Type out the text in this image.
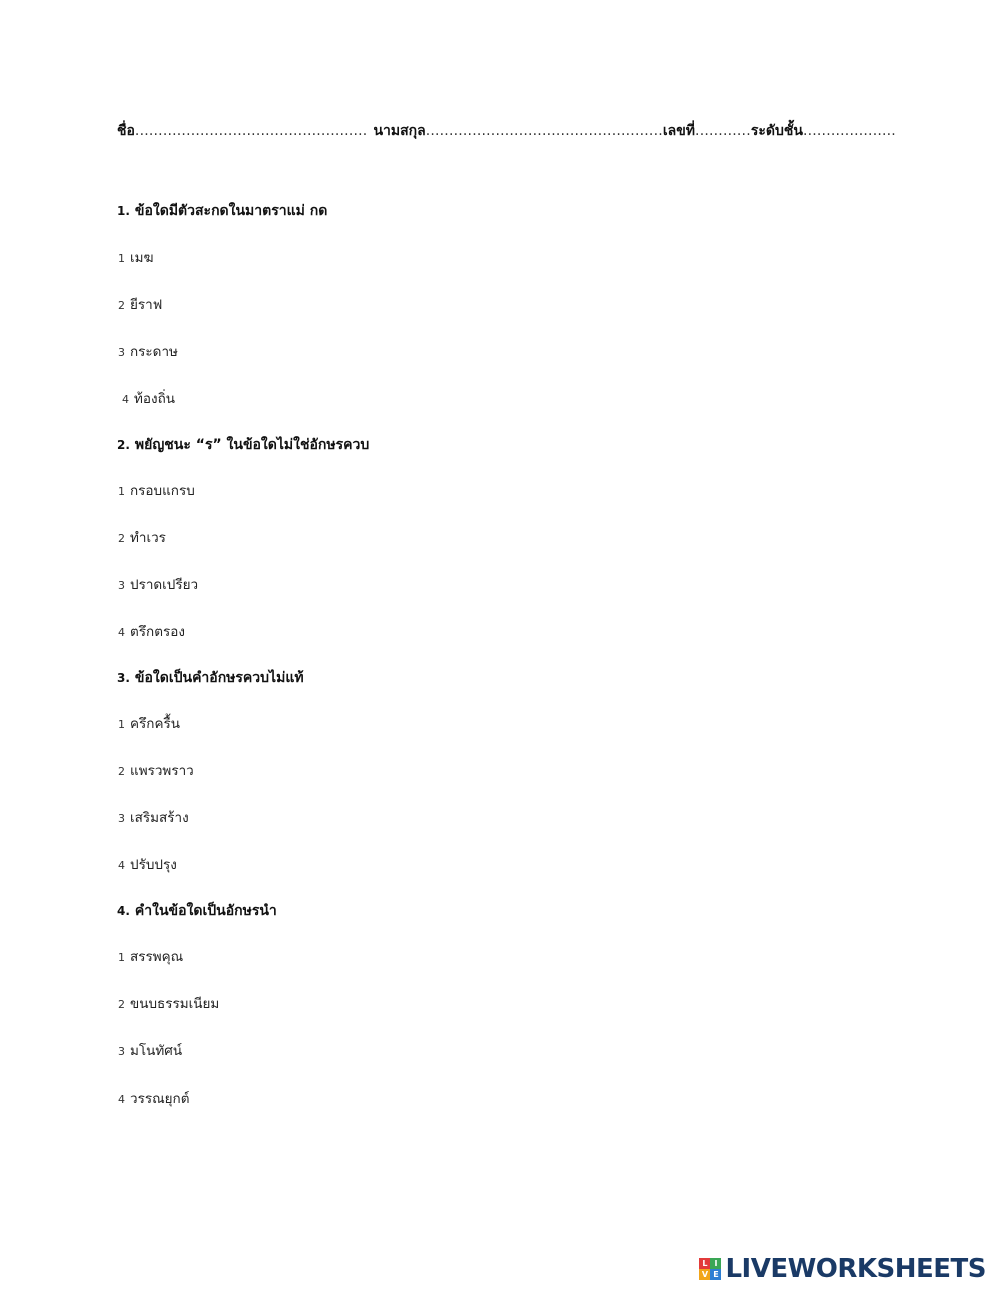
ชื่อ .................................................. นามสกุล ................................................... เลขที่ ............ ระดับชั้น ....................
1. ข้อใดมีตัวสะกดในมาตราแม่ กด
1 เมฆ
2 ยีราฟ
3 กระดาษ
4 ท้องถิ่น
2. พยัญชนะ “ร” ในข้อใดไม่ใช่อักษรควบ
1 กรอบแกรบ
2 ทำเวร
3 ปราดเปรียว
4 ตรึกตรอง
3. ข้อใดเป็นคำอักษรควบไม่แท้
1 ครึกครื้น
2 แพรวพราว
3 เสริมสร้าง
4 ปรับปรุง
4. คำในข้อใดเป็นอักษรนำ
1 สรรพคุณ
2 ขนบธรรมเนียม
3 มโนทัศน์
4 วรรณยุกต์
L I
V E LIVEWORKSHEETS
